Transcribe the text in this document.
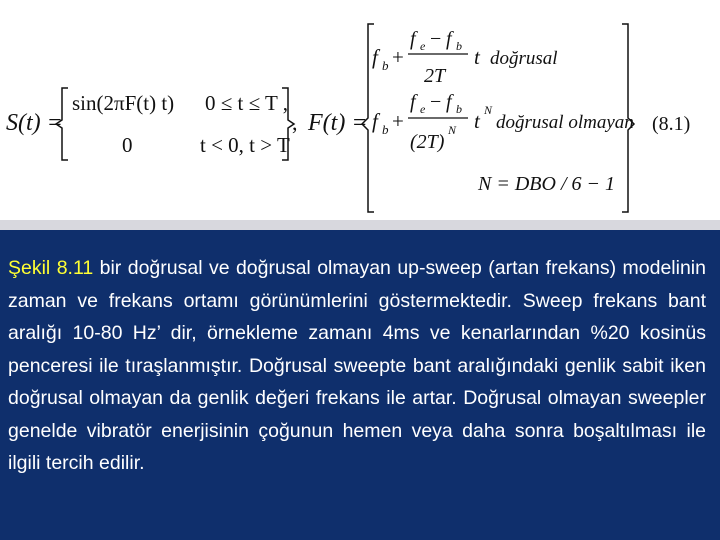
S(t) =
sin(2πF(t) t) 0 ≤ t ≤ T ,
0	t < 0, t > T
, F(t) =
f b +
f e − f b
2T
t doğrusal
f b +
f e − f b
(2T)
N t N
doğrusal olmayan
N = DBO / 6 − 1
(8.1)

Şekil 8.11 bir doğrusal ve doğrusal olmayan up-sweep (artan frekans) modelinin zaman ve frekans ortamı görünümlerini göstermektedir. Sweep frekans bant aralığı 10-80 Hz’ dir, örnekleme zamanı 4ms ve kenarlarından %20 kosinüs penceresi ile tıraşlanmıştır. Doğrusal sweepte bant aralığındaki genlik sabit iken doğrusal olmayan da genlik değeri frekans ile artar. Doğrusal olmayan sweepler genelde vibratör enerjisinin çoğunun hemen veya daha sonra boşaltılması ile ilgili tercih edilir.
